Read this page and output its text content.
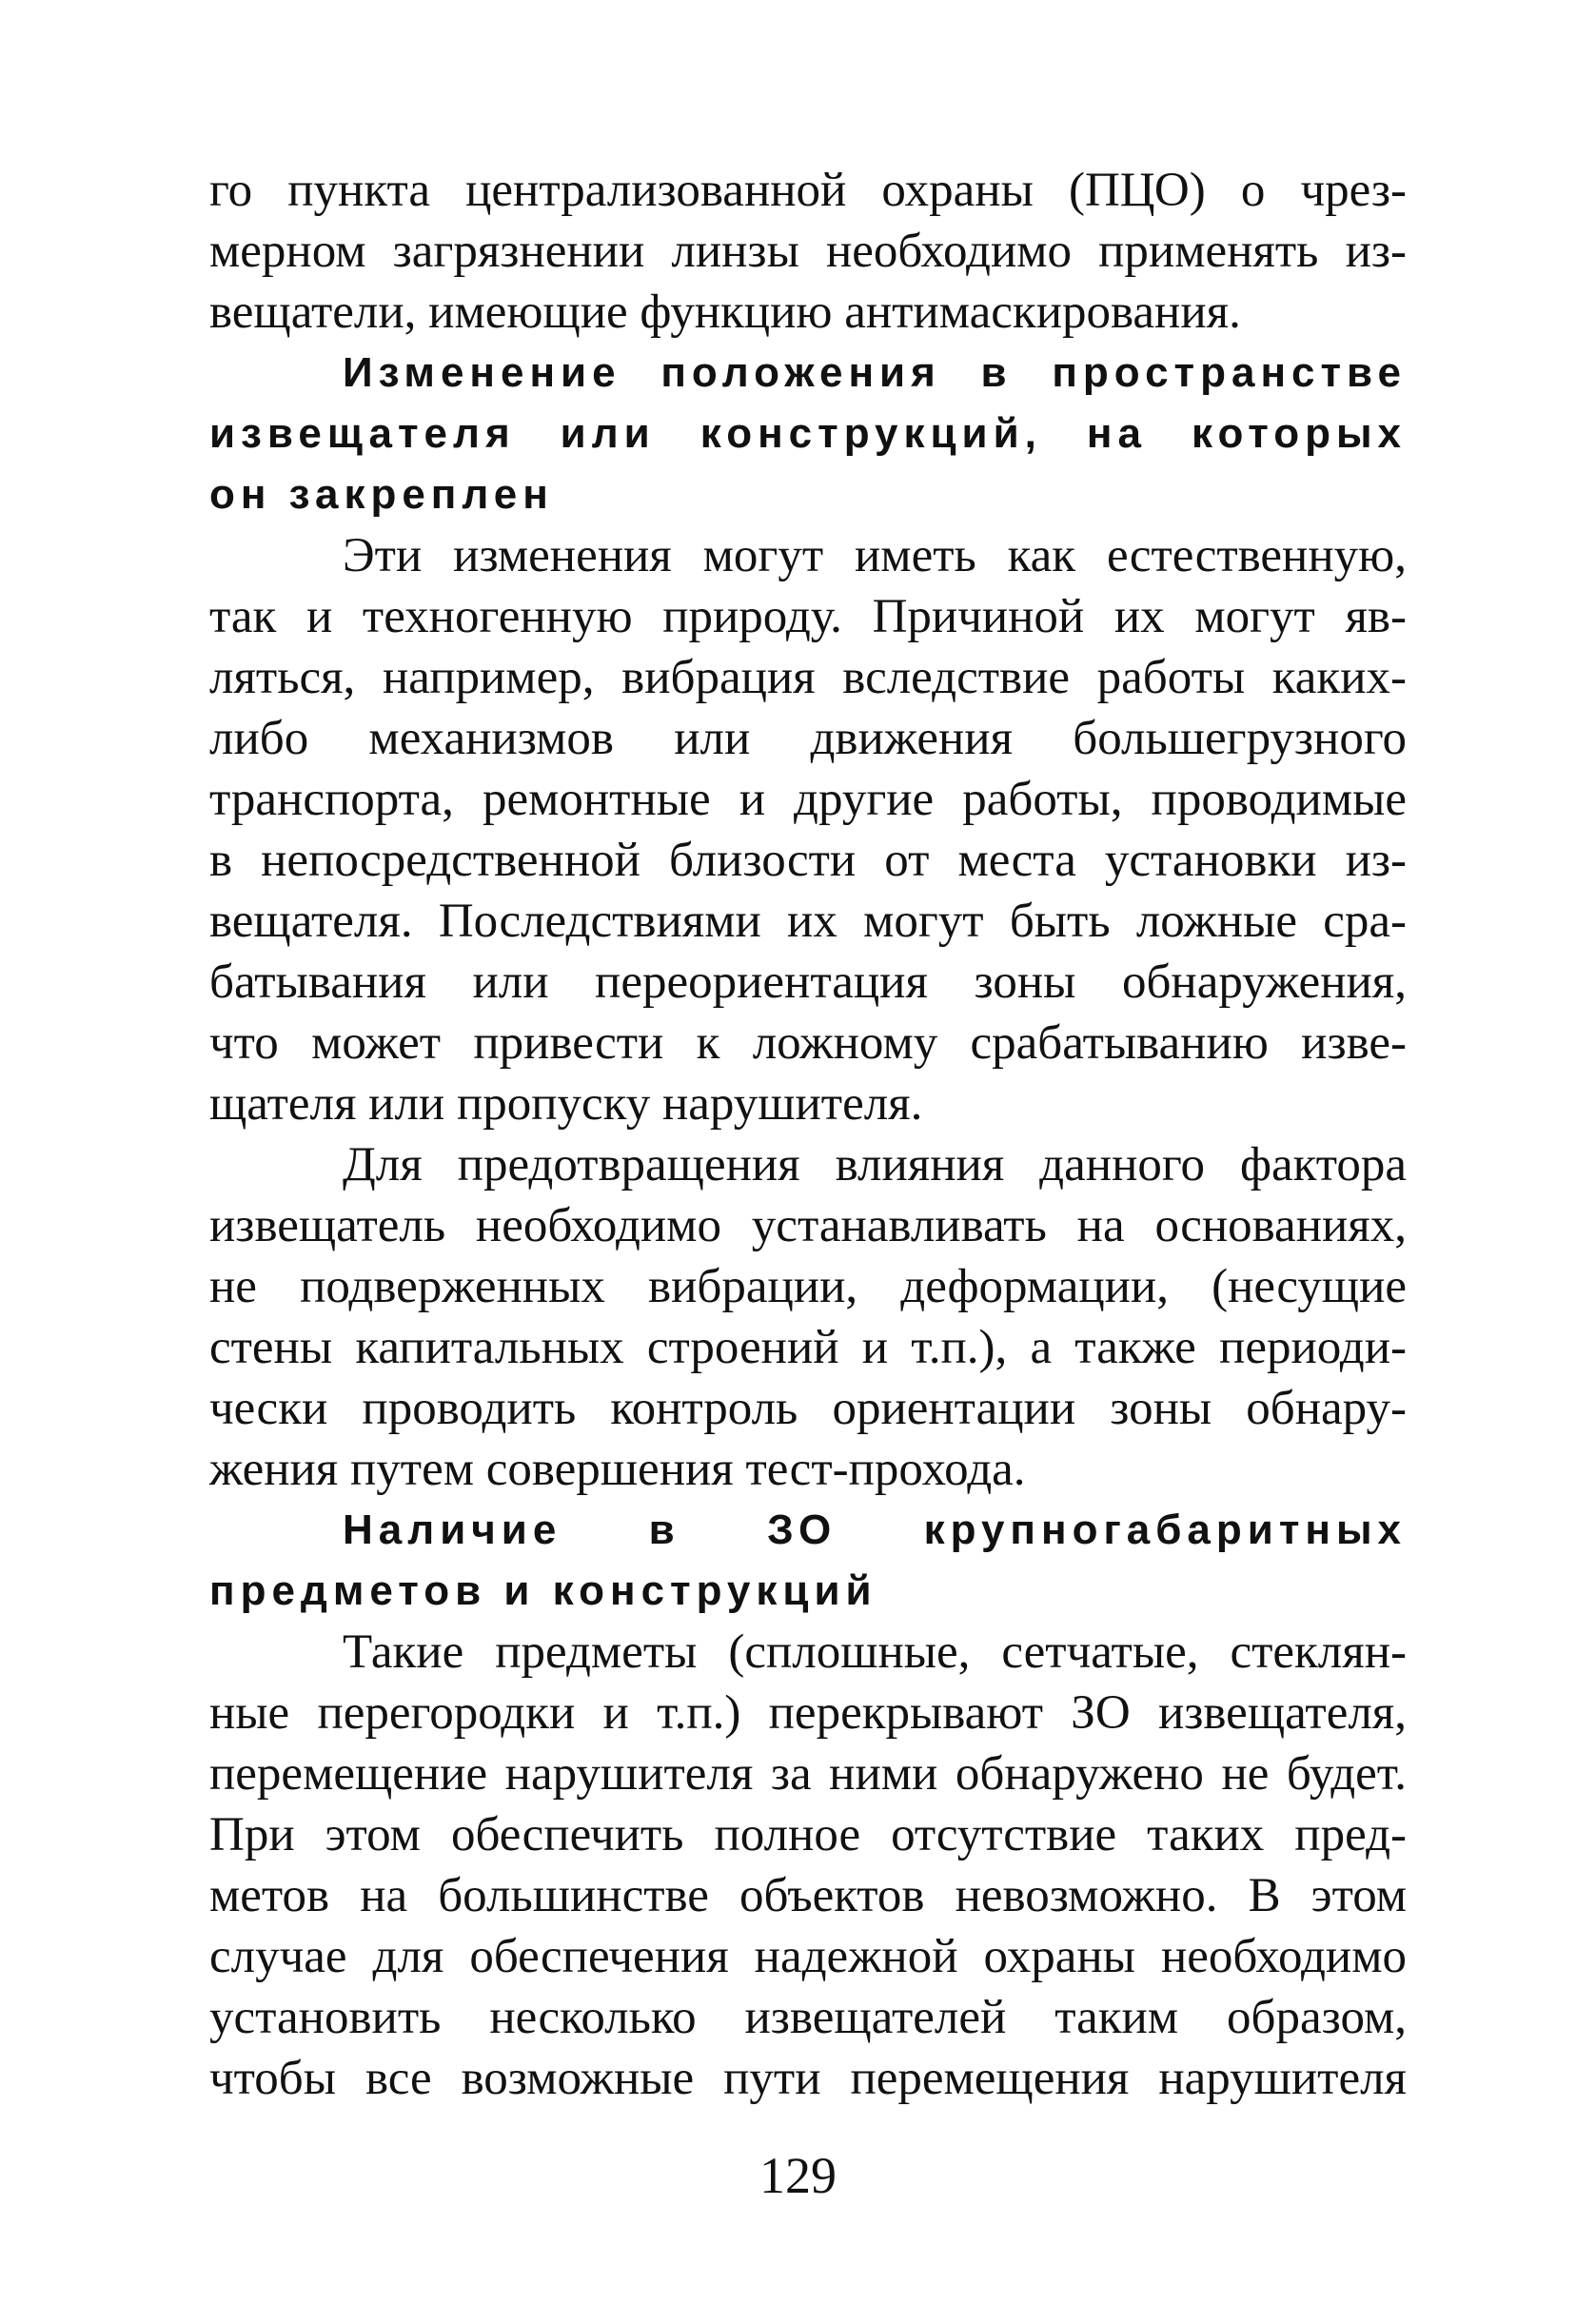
го пункта централизованной охраны (ПЦО) о чрез-
мерном загрязнении линзы необходимо применять из-
вещатели, имеющие функцию антимаскирования.
Изменение положения в пространстве
извещателя или конструкций, на которых
он закреплен
Эти изменения могут иметь как естественную,
так и техногенную природу. Причиной их могут яв-
ляться, например, вибрация вследствие работы каких-
либо механизмов или движения большегрузного
транспорта, ремонтные и другие работы, проводимые
в непосредственной близости от места установки из-
вещателя. Последствиями их могут быть ложные сра-
батывания или переориентация зоны обнаружения,
что может привести к ложному срабатыванию изве-
щателя или пропуску нарушителя.
Для предотвращения влияния данного фактора
извещатель необходимо устанавливать на основаниях,
не подверженных вибрации, деформации, (несущие
стены капитальных строений и т.п.), а также периоди-
чески проводить контроль ориентации зоны обнару-
жения путем совершения тест-прохода.
Наличие в ЗО крупногабаритных
предметов и конструкций
Такие предметы (сплошные, сетчатые, стеклян-
ные перегородки и т.п.) перекрывают ЗО извещателя,
перемещение нарушителя за ними обнаружено не будет.
При этом обеспечить полное отсутствие таких пред-
метов на большинстве объектов невозможно. В этом
случае для обеспечения надежной охраны необходимо
установить несколько извещателей таким образом,
чтобы все возможные пути перемещения нарушителя
129
